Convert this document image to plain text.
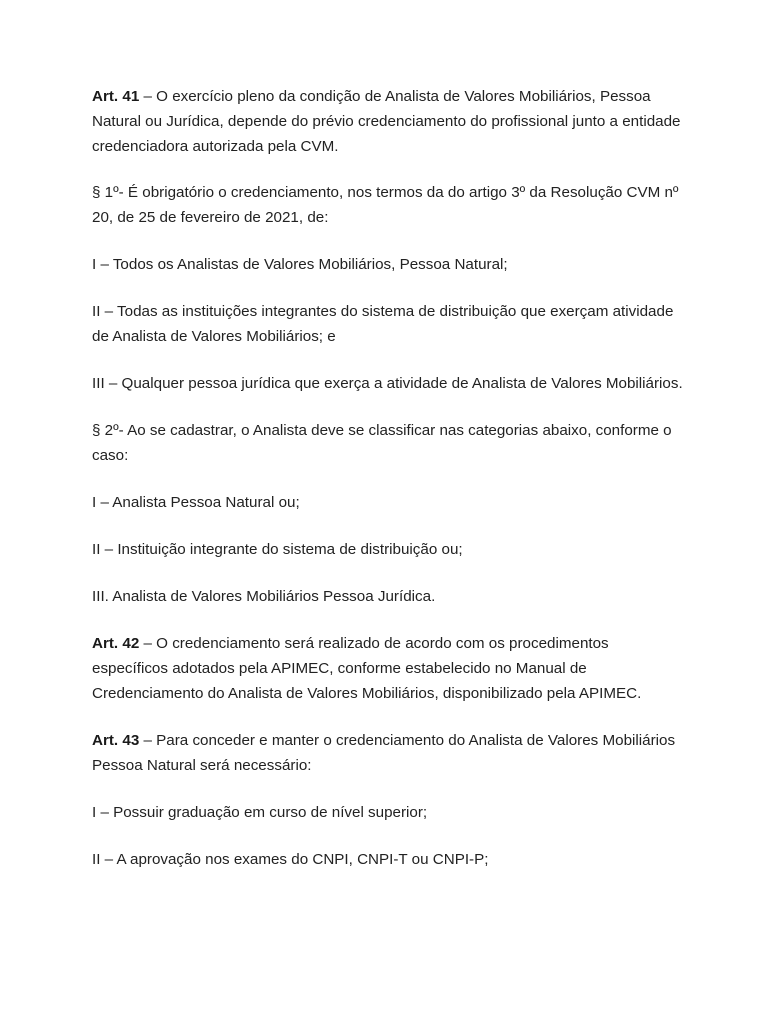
Art. 41 – O exercício pleno da condição de Analista de Valores Mobiliários, Pessoa Natural ou Jurídica, depende do prévio credenciamento do profissional junto a entidade credenciadora autorizada pela CVM.

§ 1º- É obrigatório o credenciamento, nos termos da do artigo 3º da Resolução CVM nº 20, de 25 de fevereiro de 2021, de:

I – Todos os Analistas de Valores Mobiliários, Pessoa Natural;

II – Todas as instituições integrantes do sistema de distribuição que exerçam atividade de Analista de Valores Mobiliários; e

III – Qualquer pessoa jurídica que exerça a atividade de Analista de Valores Mobiliários.

§ 2º- Ao se cadastrar, o Analista deve se classificar nas categorias abaixo, conforme o caso:

I – Analista Pessoa Natural ou;

II – Instituição integrante do sistema de distribuição ou;

III. Analista de Valores Mobiliários Pessoa Jurídica.

Art. 42 – O credenciamento será realizado de acordo com os procedimentos específicos adotados pela APIMEC, conforme estabelecido no Manual de Credenciamento do Analista de Valores Mobiliários, disponibilizado pela APIMEC.

Art. 43 – Para conceder e manter o credenciamento do Analista de Valores Mobiliários Pessoa Natural será necessário:

I – Possuir graduação em curso de nível superior;

II – A aprovação nos exames do CNPI, CNPI-T ou CNPI-P;
